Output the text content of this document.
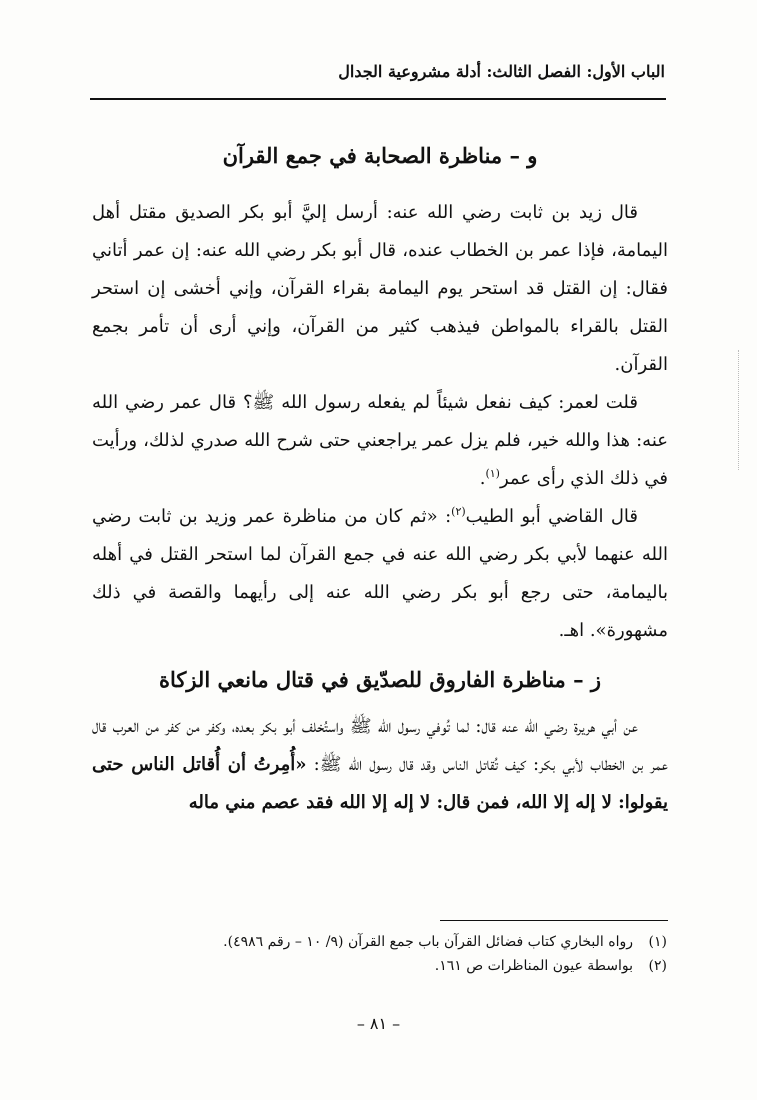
الباب الأول: الفصل الثالث: أدلة مشروعية الجدال
و – مناظرة الصحابة في جمع القرآن

قال زيد بن ثابت رضي الله عنه: أرسل إليَّ أبو بكر الصديق مقتل أهل اليمامة، فإذا عمر بن الخطاب عنده، قال أبو بكر رضي الله عنه: إن عمر أتاني فقال: إن القتل قد استحر يوم اليمامة بقراء القرآن، وإني أخشى إن استحر القتل بالقراء بالمواطن فيذهب كثير من القرآن، وإني أرى أن تأمر بجمع القرآن.

قلت لعمر: كيف نفعل شيئاً لم يفعله رسول الله ﷺ؟ قال عمر رضي الله عنه: هذا والله خير، فلم يزل عمر يراجعني حتى شرح الله صدري لذلك، ورأيت في ذلك الذي رأى عمر$^{(١)}$.

قال القاضي أبو الطيب$^{(٢)}$: «ثم كان من مناظرة عمر وزيد بن ثابت رضي الله عنهما لأبي بكر رضي الله عنه في جمع القرآن لما استحر القتل في أهله باليمامة، حتى رجع أبو بكر رضي الله عنه إلى رأيهما والقصة في ذلك مشهورة». اهـ.

ز – مناظرة الفاروق للصدّيق في قتال مانعي الزكاة

عن أبي هريرة رضي الله عنه قال: لما تُوفي رسول الله ﷺ واستُخلف أبو بكر بعده، وكفر من كفر من العرب قال عمر بن الخطاب لأبي بكر: كيف تُقاتل الناس وقد قال رسول الله ﷺ: «أُمِرتُ أن أُقاتل الناس حتى يقولوا: لا إله إلا الله، فمن قال: لا إله إلا الله فقد عصم مني ماله

(١)رواه البخاري كتاب فضائل القرآن باب جمع القرآن (٩/ ١٠ – رقم ٤٩٨٦).
(٢)بواسطة عيون المناظرات ص ١٦١.
– ٨١ –
